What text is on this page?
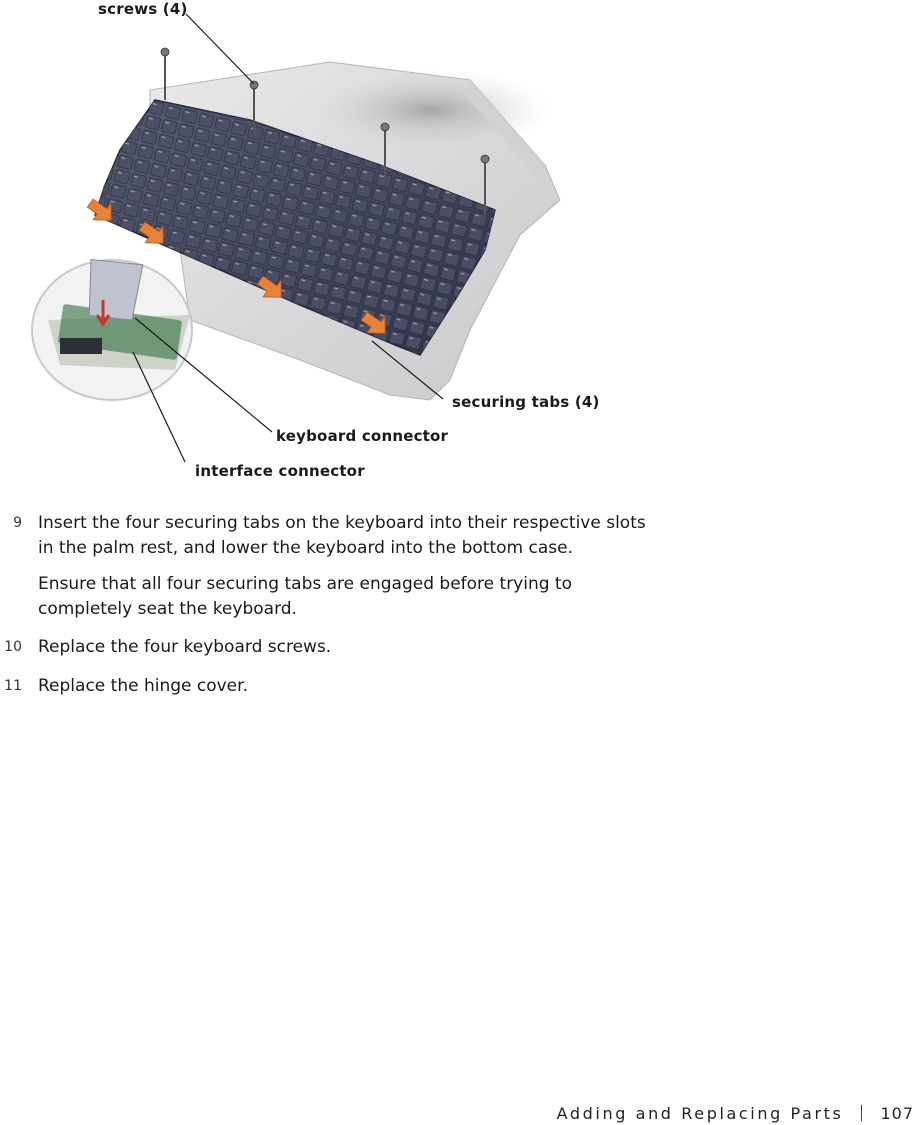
screws (4)
securing tabs (4)
keyboard connector
interface connector
9 Insert the four securing tabs on the keyboard into their respective slots in the palm rest, and lower the keyboard into the bottom case.
Ensure that all four securing tabs are engaged before trying to completely seat the keyboard.
10 Replace the four keyboard screws.
11 Replace the hinge cover.
Adding and Replacing Parts 107
